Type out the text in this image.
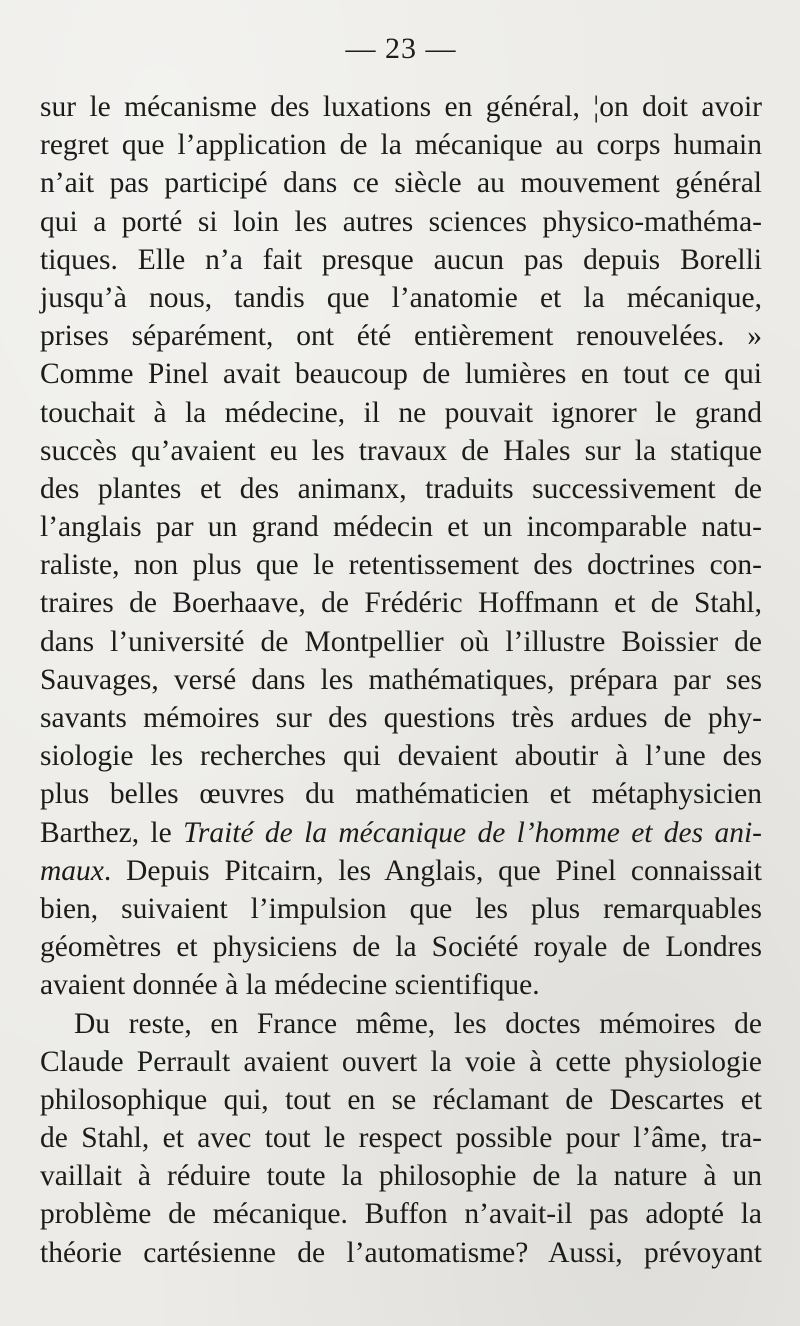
— 23 —
sur le mécanisme des luxations en général, ¦on doit avoir
regret que l’application de la mécanique au corps humain
n’ait pas participé dans ce siècle au mouvement général
qui a porté si loin les autres sciences physico-mathéma-
tiques. Elle n’a fait presque aucun pas depuis Borelli
jusqu’à nous, tandis que l’anatomie et la mécanique,
prises séparément, ont été entièrement renouvelées. »
Comme Pinel avait beaucoup de lumières en tout ce qui
touchait à la médecine, il ne pouvait ignorer le grand
succès qu’avaient eu les travaux de Hales sur la statique
des plantes et des animanx, traduits successivement de
l’anglais par un grand médecin et un incomparable natu-
raliste, non plus que le retentissement des doctrines con-
traires de Boerhaave, de Frédéric Hoffmann et de Stahl,
dans l’université de Montpellier où l’illustre Boissier de
Sauvages, versé dans les mathématiques, prépara par ses
savants mémoires sur des questions très ardues de phy-
siologie les recherches qui devaient aboutir à l’une des
plus belles œuvres du mathématicien et métaphysicien
Barthez, le Traité de la mécanique de l’homme et des ani-
maux. Depuis Pitcairn, les Anglais, que Pinel connaissait
bien, suivaient l’impulsion que les plus remarquables
géomètres et physiciens de la Société royale de Londres
avaient donnée à la médecine scientifique.
Du reste, en France même, les doctes mémoires de
Claude Perrault avaient ouvert la voie à cette physiologie
philosophique qui, tout en se réclamant de Descartes et
de Stahl, et avec tout le respect possible pour l’âme, tra-
vaillait à réduire toute la philosophie de la nature à un
problème de mécanique. Buffon n’avait-il pas adopté la
théorie cartésienne de l’automatisme? Aussi, prévoyant
